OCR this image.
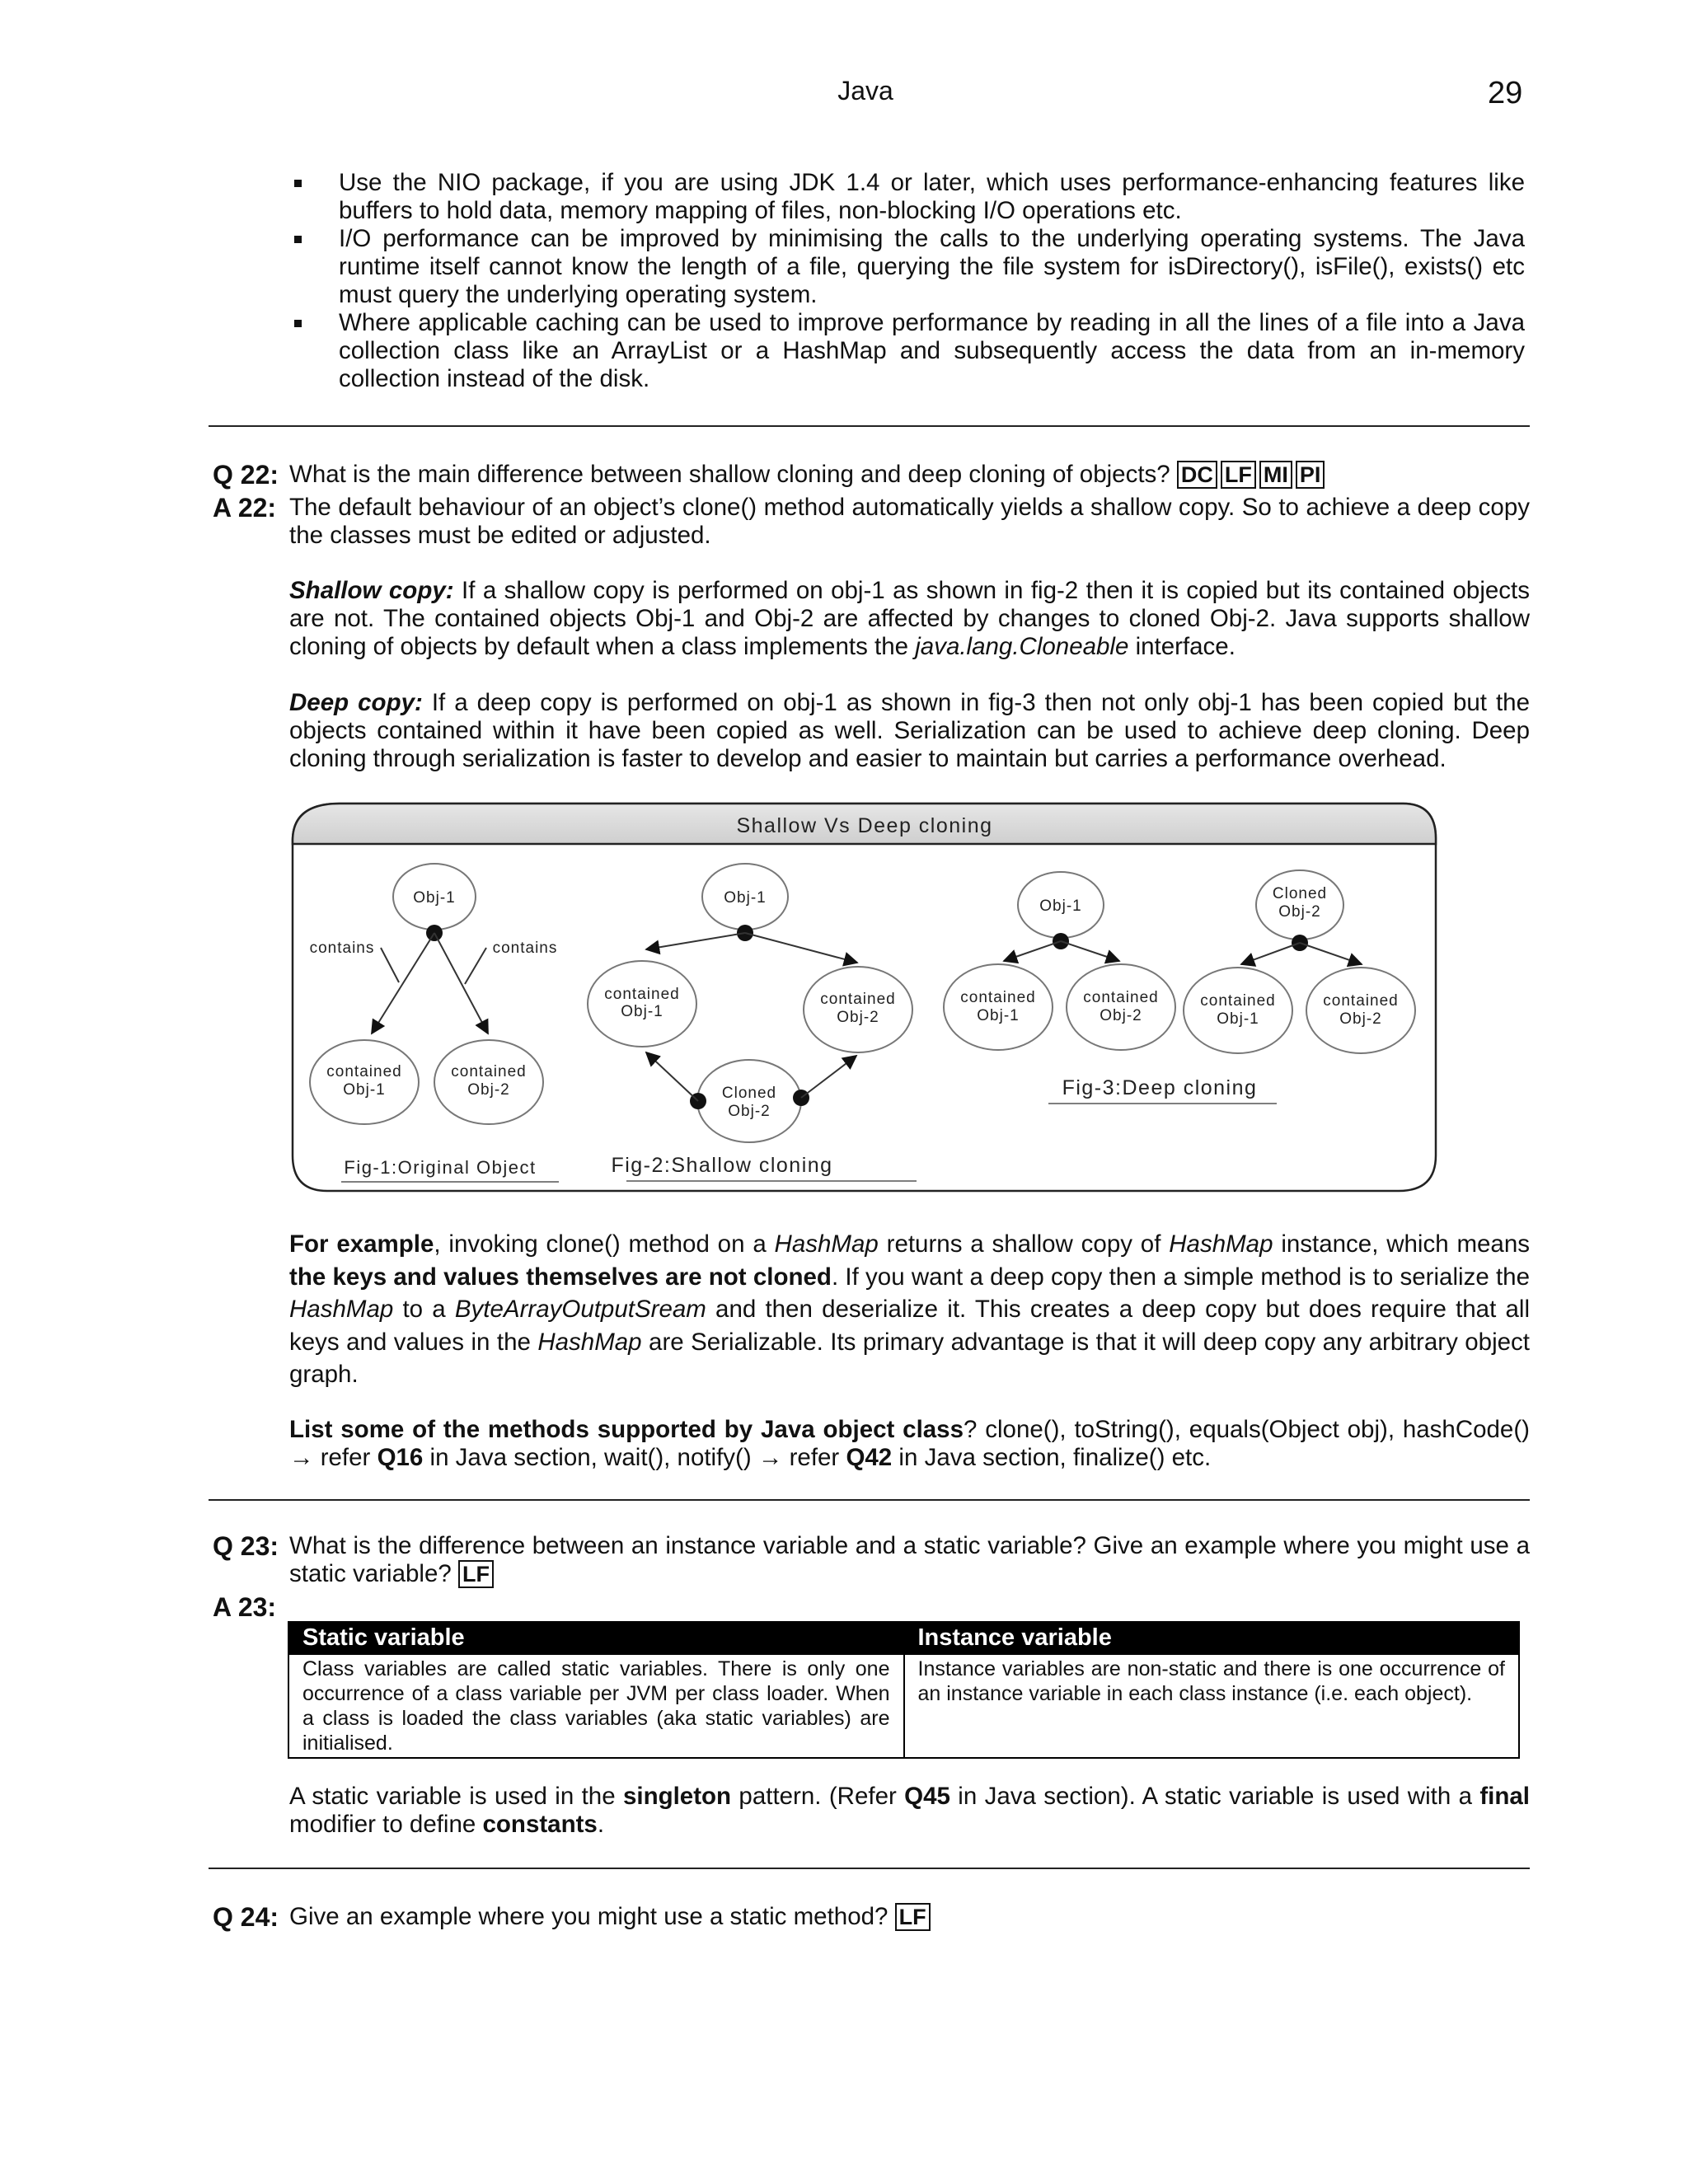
Java	29
Use the NIO package, if you are using JDK 1.4 or later, which uses performance-enhancing features like buffers to hold data, memory mapping of files, non-blocking I/O operations etc.
I/O performance can be improved by minimising the calls to the underlying operating systems. The Java runtime itself cannot know the length of a file, querying the file system for isDirectory(), isFile(), exists() etc must query the underlying operating system.
Where applicable caching can be used to improve performance by reading in all the lines of a file into a Java collection class like an ArrayList or a HashMap and subsequently access the data from an in-memory collection instead of the disk.
Q 22: What is the main difference between shallow cloning and deep cloning of objects? DC LF MI PI
A 22: The default behaviour of an object’s clone() method automatically yields a shallow copy. So to achieve a deep copy the classes must be edited or adjusted.
Shallow copy: If a shallow copy is performed on obj-1 as shown in fig-2 then it is copied but its contained objects are not. The contained objects Obj-1 and Obj-2 are affected by changes to cloned Obj-2. Java supports shallow cloning of objects by default when a class implements the java.lang.Cloneable interface.
Deep copy: If a deep copy is performed on obj-1 as shown in fig-3 then not only obj-1 has been copied but the objects contained within it have been copied as well. Serialization can be used to achieve deep cloning. Deep cloning through serialization is faster to develop and easier to maintain but carries a performance overhead.
Shallow Vs Deep cloning
Obj-1
contains	contains
contained
Obj-1
contained
Obj-2
Fig-1:Original Object
Obj-1
contained
Obj-1
contained
Obj-2
Cloned
Obj-2
Fig-2:Shallow cloning
Obj-1
contained
Obj-1
contained
Obj-2
Cloned
Obj-2
contained
Obj-1
contained
Obj-2
Fig-3:Deep cloning
For example, invoking clone() method on a HashMap returns a shallow copy of HashMap instance, which means the keys and values themselves are not cloned. If you want a deep copy then a simple method is to serialize the HashMap to a ByteArrayOutputSream and then deserialize it. This creates a deep copy but does require that all keys and values in the HashMap are Serializable. Its primary advantage is that it will deep copy any arbitrary object graph.
List some of the methods supported by Java object class? clone(), toString(), equals(Object obj), hashCode() → refer Q16 in Java section, wait(), notify() → refer Q42 in Java section, finalize() etc.
Q 23: What is the difference between an instance variable and a static variable? Give an example where you might use a static variable? LF
A 23:
Static variable	Instance variable
Class variables are called static variables. There is only one occurrence of a class variable per JVM per class loader. When a class is loaded the class variables (aka static variables) are initialised.	Instance variables are non-static and there is one occurrence of an instance variable in each class instance (i.e. each object).
A static variable is used in the singleton pattern. (Refer Q45 in Java section). A static variable is used with a final modifier to define constants.
Q 24: Give an example where you might use a static method? LF
